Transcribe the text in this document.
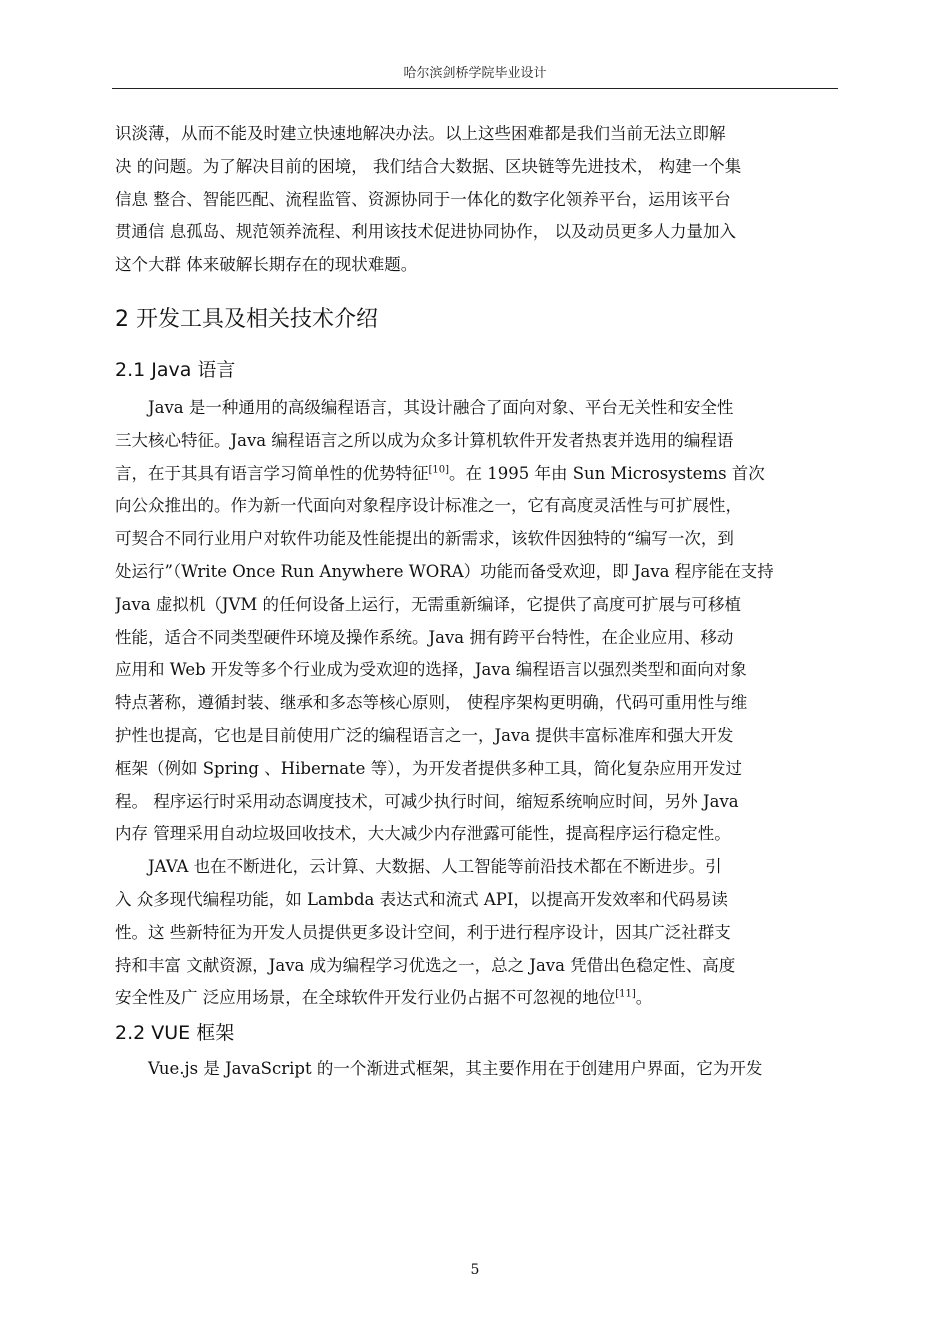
哈尔滨剑桥学院毕业设计

识淡薄，从而不能及时建立快速地解决办法。以上这些困难都是我们当前无法立即解
决 的问题。为了解决目前的困境， 我们结合大数据、区块链等先进技术， 构建一个集
信息 整合、智能匹配、流程监管、资源协同于一体化的数字化领养平台，运用该平台
贯通信 息孤岛、规范领养流程、利用该技术促进协同协作， 以及动员更多人力量加入
这个大群 体来破解长期存在的现状难题。

2 开发工具及相关技术介绍
2.1 Java 语言

Java 是一种通用的高级编程语言，其设计融合了面向对象、平台无关性和安全性
三大核心特征。Java 编程语言之所以成为众多计算机软件开发者热衷并选用的编程语
言，在于其具有语言学习简单性的优势特征[10]。在 1995 年由 Sun Microsystems 首次
向公众推出的。作为新一代面向对象程序设计标准之一，它有高度灵活性与可扩展性，
可契合不同行业用户对软件功能及性能提出的新需求，该软件因独特的“编写一次，到
处运行”（Write Once Run Anywhere WORA）功能而备受欢迎，即 Java 程序能在支持
Java 虚拟机（JVM 的任何设备上运行，无需重新编译，它提供了高度可扩展与可移植
性能，适合不同类型硬件环境及操作系统。Java 拥有跨平台特性，在企业应用、移动
应用和 Web 开发等多个行业成为受欢迎的选择，Java 编程语言以强烈类型和面向对象
特点著称，遵循封装、继承和多态等核心原则， 使程序架构更明确，代码可重用性与维
护性也提高，它也是目前使用广泛的编程语言之一，Java 提供丰富标准库和强大开发
框架（例如 Spring 、Hibernate 等），为开发者提供多种工具，简化复杂应用开发过
程。 程序运行时采用动态调度技术，可减少执行时间，缩短系统响应时间，另外 Java
内存 管理采用自动垃圾回收技术，大大减少内存泄露可能性，提高程序运行稳定性。

JAVA 也在不断进化，云计算、大数据、人工智能等前沿技术都在不断进步。引
入 众多现代编程功能，如 Lambda 表达式和流式 API，以提高开发效率和代码易读
性。这 些新特征为开发人员提供更多设计空间，利于进行程序设计，因其广泛社群支
持和丰富 文献资源，Java 成为编程学习优选之一，总之 Java 凭借出色稳定性、高度
安全性及广 泛应用场景，在全球软件开发行业仍占据不可忽视的地位[11]。

2.2 VUE 框架

Vue.js 是 JavaScript 的一个渐进式框架，其主要作用在于创建用户界面，它为开发

5
